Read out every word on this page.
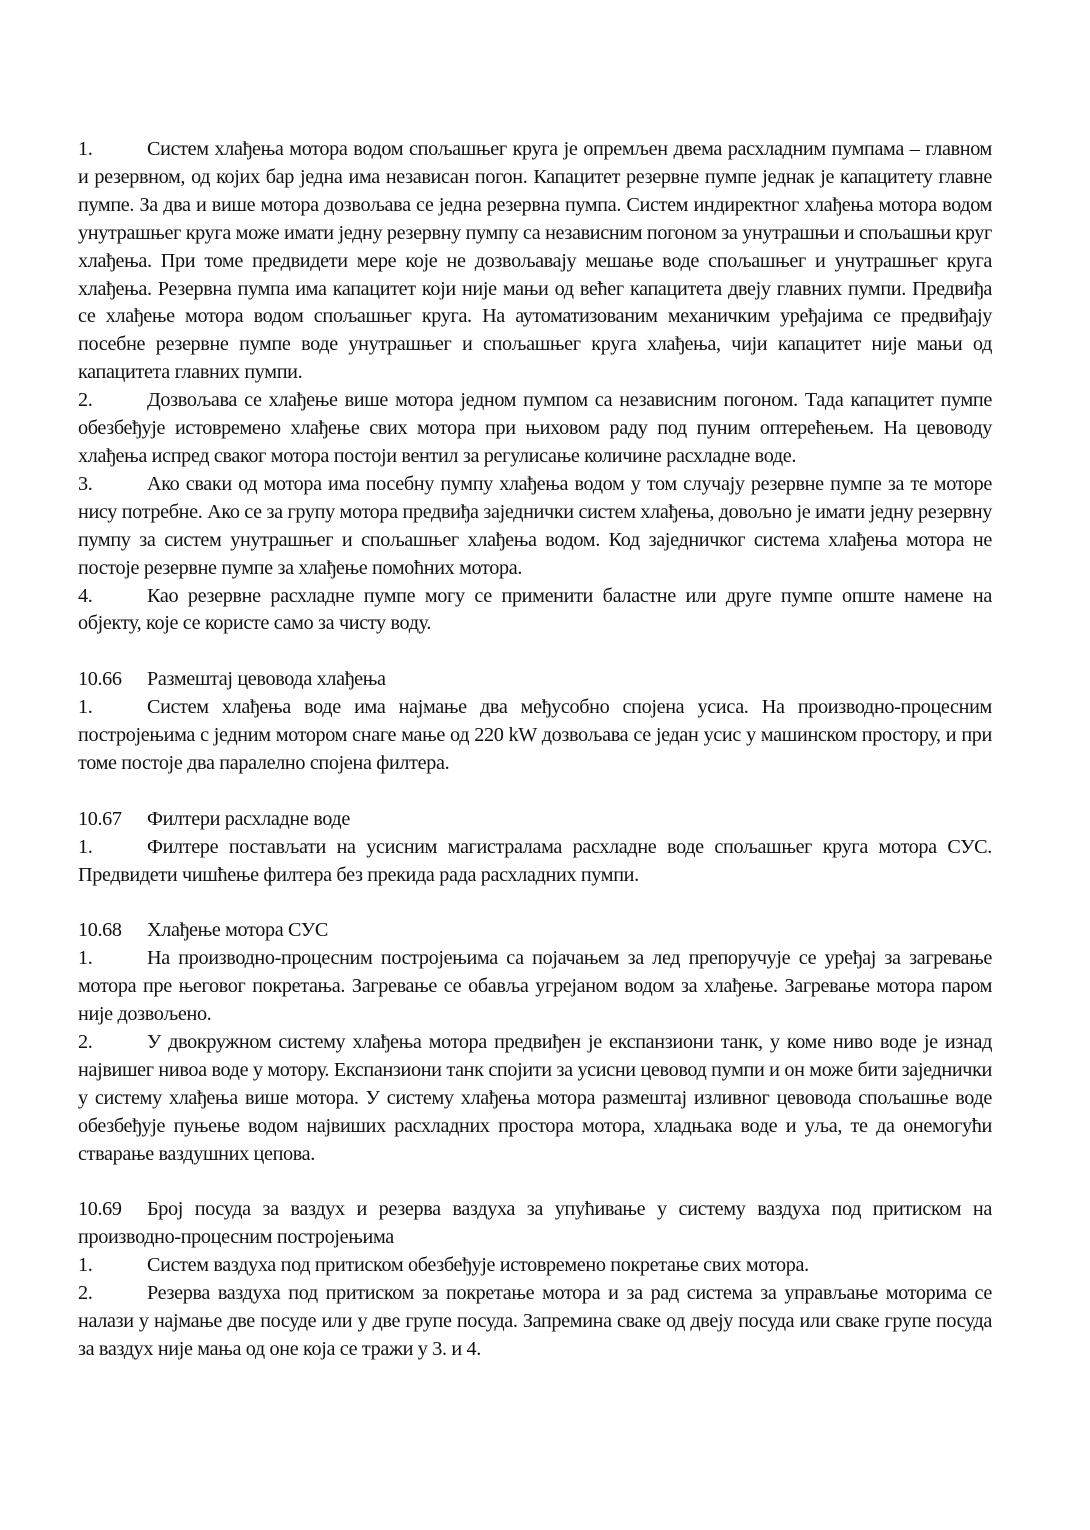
1.	Систем хлађења мотора водом спољашњег круга је опремљен двема расхладним пумпама – главном и резервном, од којих бар једна има независан погон. Капацитет резервне пумпе једнак је капацитету главне пумпе. За два и више мотора дозвољава се једна резервна пумпа. Систем индиректног хлађења мотора водом унутрашњег круга може имати једну резервну пумпу са независним погоном за унутрашњи и спољашњи круг хлађења. При томе предвидети мере које не дозвољавају мешање воде спољашњег и унутрашњег круга хлађења. Резервна пумпа има капацитет који није мањи од већег капацитета двеју главних пумпи. Предвиђа се хлађење мотора водом спољашњег круга. На аутоматизованим механичким уређајима се предвиђају посебне резервне пумпе воде унутрашњег и спољашњег круга хлађења, чији капацитет није мањи од капацитета главних пумпи.

2.	Дозвољава се хлађење више мотора једном пумпом са независним погоном. Тада капацитет пумпе обезбеђује истовремено хлађење свих мотора при њиховом раду под пуним оптерећењем. На цевоводу хлађења испред сваког мотора постоји вентил за регулисање количине расхладне воде.

3.	Ако сваки од мотора има посебну пумпу хлађења водом у том случају резервне пумпе за те моторе нису потребне. Ако се за групу мотора предвиђа заједнички систем хлађења, довољно је имати једну резервну пумпу за систем унутрашњег и спољашњег хлађења водом. Код заједничког система хлађења мотора не постоје резервне пумпе за хлађење помоћних мотора.

4.	Као резервне расхладне пумпе могу се применити баластне или друге пумпе опште намене на објекту, које се користе само за чисту воду.

10.66 Размештај цевовода хлађења

1.	Систем хлађења воде има најмање два међусобно спојена усиса. На производно-процесним постројењима с једним мотором снаге мање од 220 kW дозвољава се један усис у машинском простору, и при томе постоје два паралелно спојена филтера.

10.67 Филтери расхладне воде

1.	Филтере постављати на усисним магистралама расхладне воде спољашњег круга мотора СУС. Предвидети чишћење филтера без прекида рада расхладних пумпи.

10.68 Хлађење мотора СУС

1.	На производно-процесним постројењима са појачањем за лед препоручује се уређај за загревање мотора пре његовог покретања. Загревање се обавља угрејаном водом за хлађење. Загревање мотора паром није дозвољено.

2.	У двокружном систему хлађења мотора предвиђен је експанзиони танк, у коме ниво воде је изнад највишег нивоа воде у мотору. Експанзиони танк спојити за усисни цевовод пумпи и он може бити заједнички у систему хлађења више мотора. У систему хлађења мотора размештај изливног цевовода спољашње воде обезбеђује пуњење водом највиших расхладних простора мотора, хладњака воде и уља, те да онемогући стварање ваздушних цепова.

10.69 Број посуда за ваздух и резерва ваздуха за упућивање у систему ваздуха под притиском на производно-процесним постројењима

1.	Систем ваздуха под притиском обезбеђује истовремено покретање свих мотора.

2.	Резерва ваздуха под притиском за покретање мотора и за рад система за управљање моторима се налази у најмање две посуде или у две групе посуда. Запремина сваке од двеју посуда или сваке групе посуда за ваздух није мања од оне која се тражи у 3. и 4.
